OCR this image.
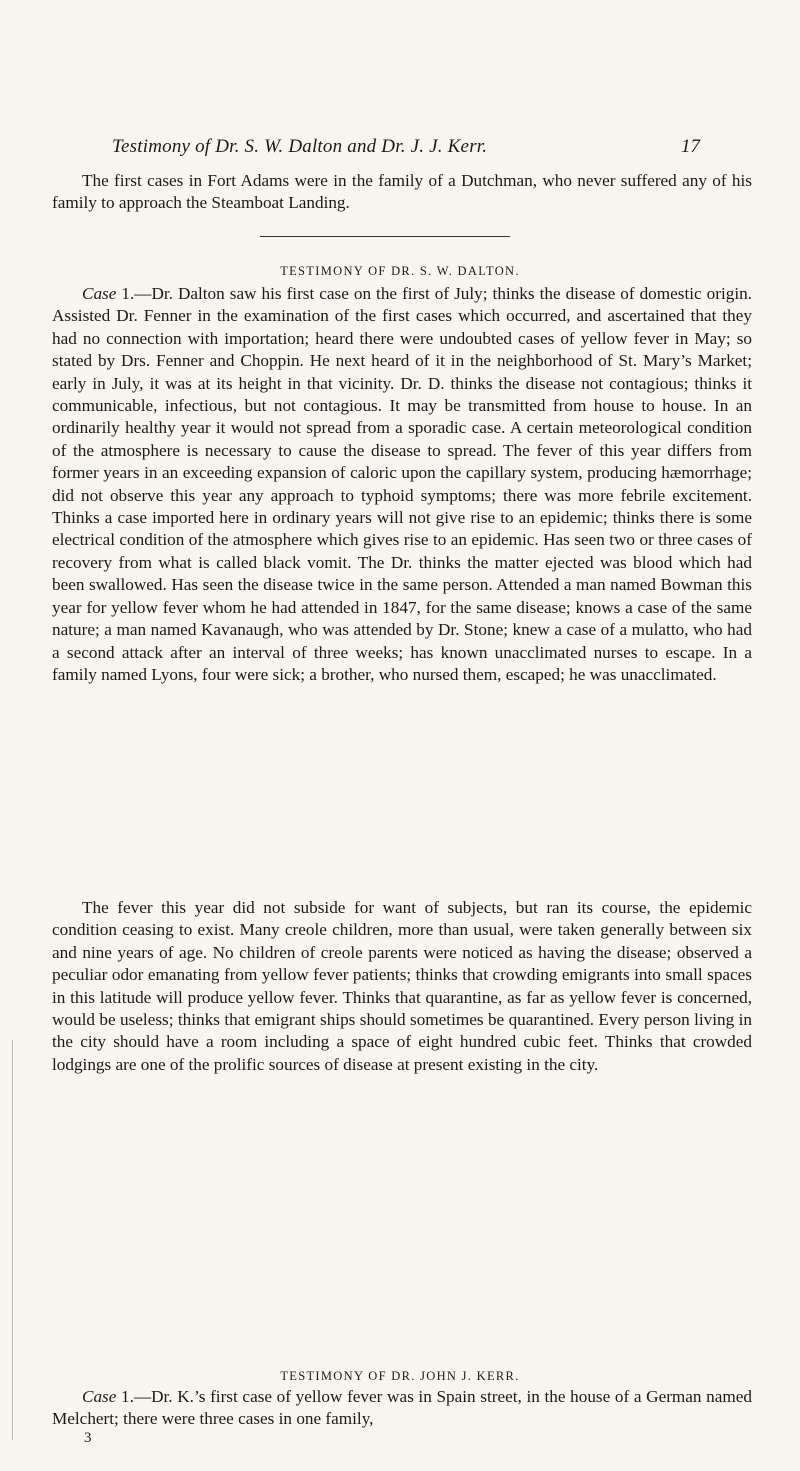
Testimony of Dr. S. W. Dalton and Dr. J. J. Kerr.	17

The first cases in Fort Adams were in the family of a Dutchman, who never suffered any of his family to approach the Steamboat Landing.

TESTIMONY OF DR. S. W. DALTON.

Case 1.—Dr. Dalton saw his first case on the first of July; thinks the disease of domestic origin. Assisted Dr. Fenner in the examination of the first cases which occurred, and ascertained that they had no connection with importation; heard there were undoubted cases of yellow fever in May; so stated by Drs. Fenner and Choppin. He next heard of it in the neighborhood of St. Mary’s Market; early in July, it was at its height in that vicinity. Dr. D. thinks the disease not contagious; thinks it communicable, infectious, but not contagious. It may be transmitted from house to house. In an ordinarily healthy year it would not spread from a sporadic case. A certain meteorological condition of the atmosphere is necessary to cause the disease to spread. The fever of this year differs from former years in an exceeding expansion of caloric upon the capillary system, producing hæmorrhage; did not observe this year any approach to typhoid symptoms; there was more febrile excitement. Thinks a case imported here in ordinary years will not give rise to an epidemic; thinks there is some electrical condition of the atmosphere which gives rise to an epidemic. Has seen two or three cases of recovery from what is called black vomit. The Dr. thinks the matter ejected was blood which had been swallowed. Has seen the disease twice in the same person. Attended a man named Bowman this year for yellow fever whom he had attended in 1847, for the same disease; knows a case of the same nature; a man named Kavanaugh, who was attended by Dr. Stone; knew a case of a mulatto, who had a second attack after an interval of three weeks; has known unacclimated nurses to escape. In a family named Lyons, four were sick; a brother, who nursed them, escaped; he was unacclimated.

The fever this year did not subside for want of subjects, but ran its course, the epidemic condition ceasing to exist. Many creole children, more than usual, were taken generally between six and nine years of age. No children of creole parents were noticed as having the disease; observed a peculiar odor emanating from yellow fever patients; thinks that crowding emigrants into small spaces in this latitude will produce yellow fever. Thinks that quarantine, as far as yellow fever is concerned, would be useless; thinks that emigrant ships should sometimes be quarantined. Every person living in the city should have a room including a space of eight hundred cubic feet. Thinks that crowded lodgings are one of the prolific sources of disease at present existing in the city.

TESTIMONY OF DR. JOHN J. KERR.

Case 1.—Dr. K.’s first case of yellow fever was in Spain street, in the house of a German named Melchert; there were three cases in one family,

3
